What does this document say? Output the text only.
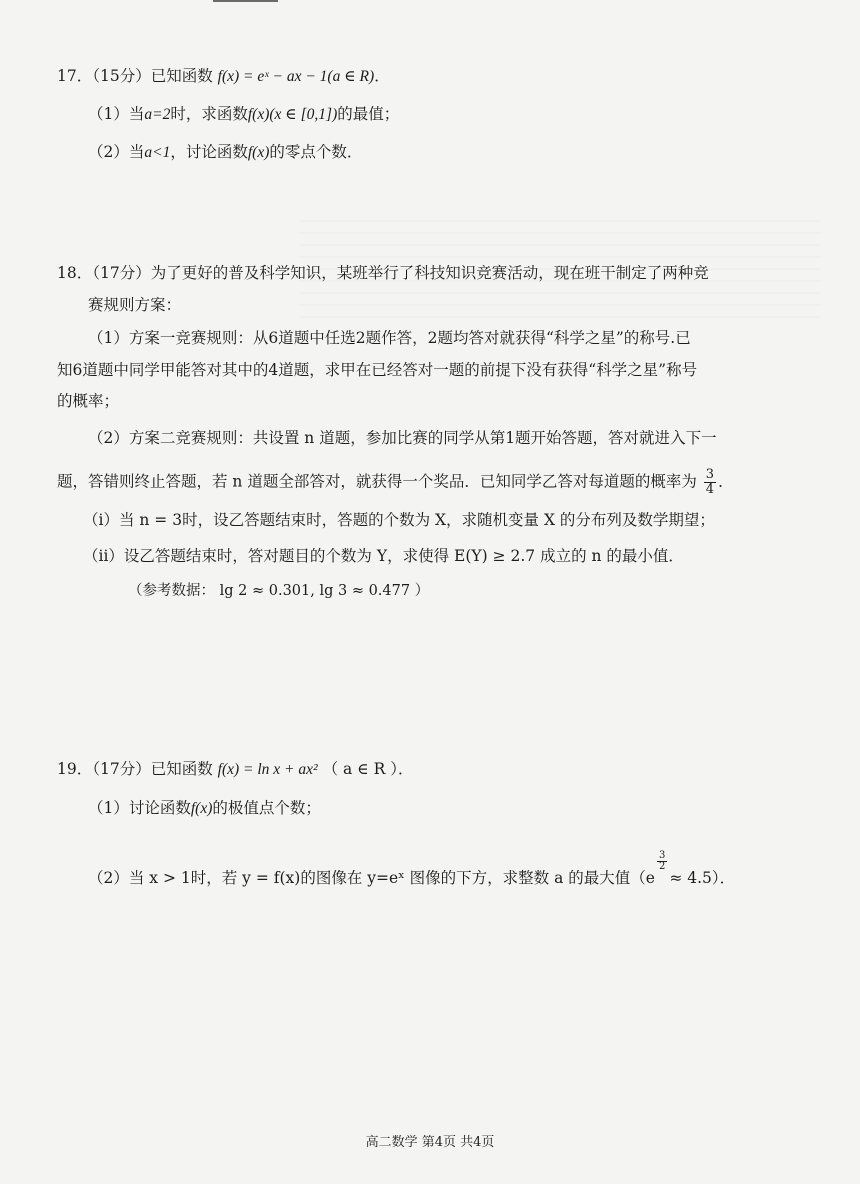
17．（15分）已知函数 f(x) = eˣ − ax − 1(a ∈ R)．
（1）当a=2时，求函数f(x)(x ∈ [0,1])的最值；
（2）当a<1，讨论函数f(x)的零点个数．
18．（17分）为了更好的普及科学知识，某班举行了科技知识竞赛活动，现在班干制定了两种竞
赛规则方案：
（1）方案一竞赛规则：从6道题中任选2题作答，2题均答对就获得“科学之星”的称号.已
知6道题中同学甲能答对其中的4道题，求甲在已经答对一题的前提下没有获得“科学之星”称号
的概率；
（2）方案二竞赛规则：共设置 n 道题，参加比赛的同学从第1题开始答题，答对就进入下一
题，答错则终止答题，若 n 道题全部答对，就获得一个奖品．已知同学乙答对每道题的概率为 $\frac{3}{4}$ ．
（i）当 n = 3时，设乙答题结束时，答题的个数为 X，求随机变量 X 的分布列及数学期望；
（ii）设乙答题结束时，答对题目的个数为 Y，求使得 E(Y) ≥ 2.7 成立的 n 的最小值．
（参考数据： lg 2 ≈ 0.301, lg 3 ≈ 0.477 ）
19．（17分）已知函数 f(x) = ln x + ax² （ a ∈ R ）．
（1）讨论函数f(x)的极值点个数；
（2）当 x > 1时，若 y = f(x)的图像在 y=eˣ 图像的下方，求整数 a 的最大值（e
$\frac{3}{2}$
≈ 4.5）．
高二数学 第4页 共4页
